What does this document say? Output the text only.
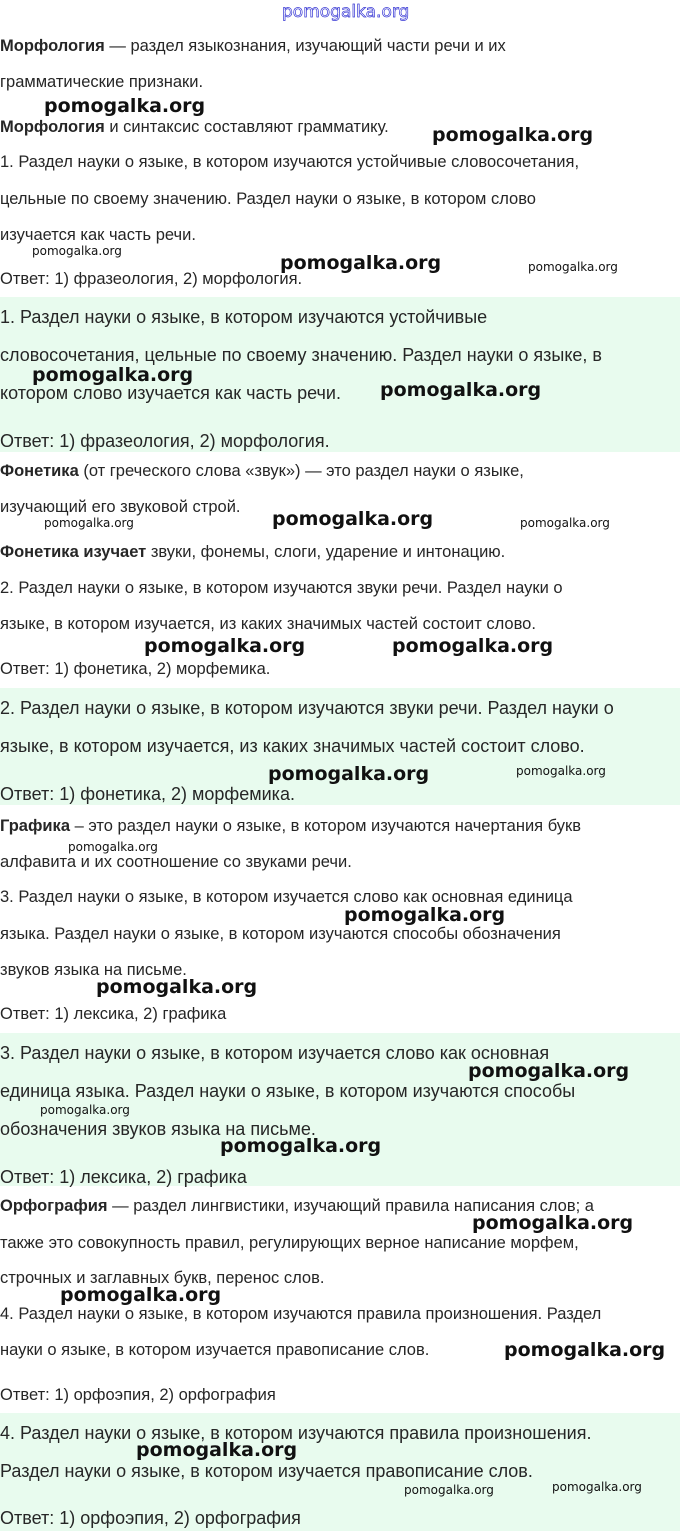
pomogalka.org

Морфология — раздел языкознания, изучающий части речи и их

грамматические признаки.

Морфология и синтаксис составляют грамматику.

1. Раздел науки о языке, в котором изучаются устойчивые словосочетания,

цельные по своему значению. Раздел науки о языке, в котором слово

изучается как часть речи.

Ответ: 1) фразеология, 2) морфология.

1. Раздел науки о языке, в котором изучаются устойчивые

словосочетания, цельные по своему значению. Раздел науки о языке, в

котором слово изучается как часть речи.

Ответ: 1) фразеология, 2) морфология.

Фонетика (от греческого слова «звук») — это раздел науки о языке,

изучающий его звуковой строй.

Фонетика изучает звуки, фонемы, слоги, ударение и интонацию.

2. Раздел науки о языке, в котором изучаются звуки речи. Раздел науки о

языке, в котором изучается, из каких значимых частей состоит слово.

Ответ: 1) фонетика, 2) морфемика.

2. Раздел науки о языке, в котором изучаются звуки речи. Раздел науки о

языке, в котором изучается, из каких значимых частей состоит слово.

Ответ: 1) фонетика, 2) морфемика.

Графика – это раздел науки о языке, в котором изучаются начертания букв

алфавита и их соотношение со звуками речи.

3. Раздел науки о языке, в котором изучается слово как основная единица

языка. Раздел науки о языке, в котором изучаются способы обозначения

звуков языка на письме.

Ответ: 1) лексика, 2) графика

3. Раздел науки о языке, в котором изучается слово как основная

единица языка. Раздел науки о языке, в котором изучаются способы

обозначения звуков языка на письме.

Ответ: 1) лексика, 2) графика

Орфография — раздел лингвистики, изучающий правила написания слов; а

также это совокупность правил, регулирующих верное написание морфем,

строчных и заглавных букв, перенос слов.

4. Раздел науки о языке, в котором изучаются правила произношения. Раздел

науки о языке, в котором изучается правописание слов.

Ответ: 1) орфоэпия, 2) орфография

4. Раздел науки о языке, в котором изучаются правила произношения.

Раздел науки о языке, в котором изучается правописание слов.

Ответ: 1) орфоэпия, 2) орфография

pomogalka.org
pomogalka.org
pomogalka.org
pomogalka.org	pomogalka.org
pomogalka.org
pomogalka.org
pomogalka.org	pomogalka.org	pomogalka.org
pomogalka.org	pomogalka.org
pomogalka.org	pomogalka.org
pomogalka.org
pomogalka.org
pomogalka.org
pomogalka.org
pomogalka.org
pomogalka.org
pomogalka.org
pomogalka.org
pomogalka.org
pomogalka.org
pomogalka.org	pomogalka.org
